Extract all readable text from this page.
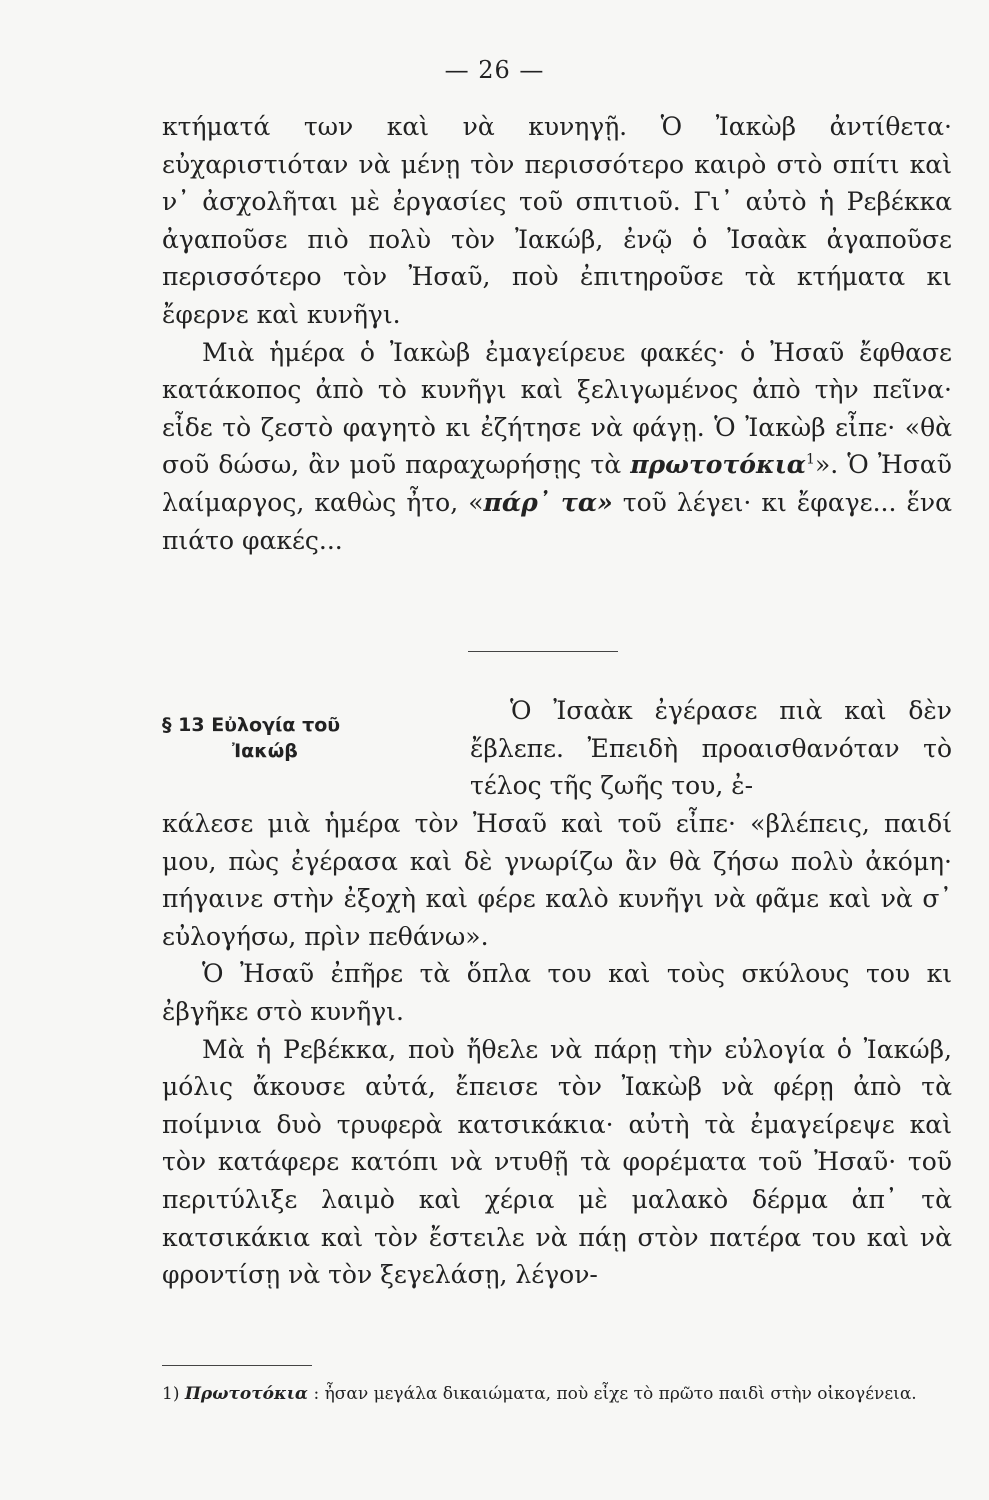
— 26 —

κτήματά των καὶ νὰ κυνηγῇ. Ὁ Ἰακὼβ ἀντίθετα· εὐχαριστιόταν νὰ μένῃ τὸν περισσότερο καιρὸ στὸ σπίτι καὶ ν᾿ ἀσχολῆται μὲ ἐργασίες τοῦ σπιτιοῦ. Γι᾿ αὐτὸ ἡ Ρεβέκκα ἀγαποῦσε πιὸ πολὺ τὸν Ἰακώβ, ἐνῷ ὁ Ἰσαὰκ ἀγαποῦσε περισσότερο τὸν Ἠσαῦ, ποὺ ἐπιτηροῦσε τὰ κτήματα κι ἔφερνε καὶ κυνῆγι.

Μιὰ ἡμέρα ὁ Ἰακὼβ ἐμαγείρευε φακές· ὁ Ἠσαῦ ἔφθασε κατάκοπος ἀπὸ τὸ κυνῆγι καὶ ξελιγωμένος ἀπὸ τὴν πεῖνα· εἶδε τὸ ζεστὸ φαγητὸ κι ἐζήτησε νὰ φάγῃ. Ὁ Ἰακὼβ εἶπε· «θὰ σοῦ δώσω, ἂν μοῦ παραχωρήσῃς τὰ πρωτοτόκια$^1$». Ὁ Ἠσαῦ λαίμαργος, καθὼς ἦτο, «πάρ᾿ τα» τοῦ λέγει· κι ἔφαγε... ἕνα πιάτο φακές...

§ 13 Εὐλογία τοῦ
Ἰακώβ

Ὁ Ἰσαὰκ ἐγέρασε πιὰ καὶ δὲν ἔβλεπε. Ἐπειδὴ προαισθανόταν τὸ τέλος τῆς ζωῆς του, ἐ-

κάλεσε μιὰ ἡμέρα τὸν Ἠσαῦ καὶ τοῦ εἶπε· «βλέπεις, παιδί μου, πὼς ἐγέρασα καὶ δὲ γνωρίζω ἂν θὰ ζήσω πολὺ ἀκόμη· πήγαινε στὴν ἐξοχὴ καὶ φέρε καλὸ κυνῆγι νὰ φᾶμε καὶ νὰ σ᾿ εὐλογήσω, πρὶν πεθάνω».

Ὁ Ἠσαῦ ἐπῆρε τὰ ὅπλα του καὶ τοὺς σκύλους του κι ἐβγῆκε στὸ κυνῆγι.

Μὰ ἡ Ρεβέκκα, ποὺ ἤθελε νὰ πάρῃ τὴν εὐλογία ὁ Ἰακώβ, μόλις ἄκουσε αὐτά, ἔπεισε τὸν Ἰακὼβ νὰ φέρῃ ἀπὸ τὰ ποίμνια δυὸ τρυφερὰ κατσικάκια· αὐτὴ τὰ ἐμαγείρεψε καὶ τὸν κατάφερε κατόπι νὰ ντυθῇ τὰ φορέματα τοῦ Ἠσαῦ· τοῦ περιτύλιξε λαιμὸ καὶ χέρια μὲ μαλακὸ δέρμα ἀπ᾿ τὰ κατσικάκια καὶ τὸν ἔστειλε νὰ πάῃ στὸν πατέρα του καὶ νὰ φροντίσῃ νὰ τὸν ξεγελάσῃ, λέγον-

1) Πρωτοτόκια : ἦσαν μεγάλα δικαιώματα, ποὺ εἶχε τὸ πρῶτο παιδὶ στὴν οἰκογένεια.
